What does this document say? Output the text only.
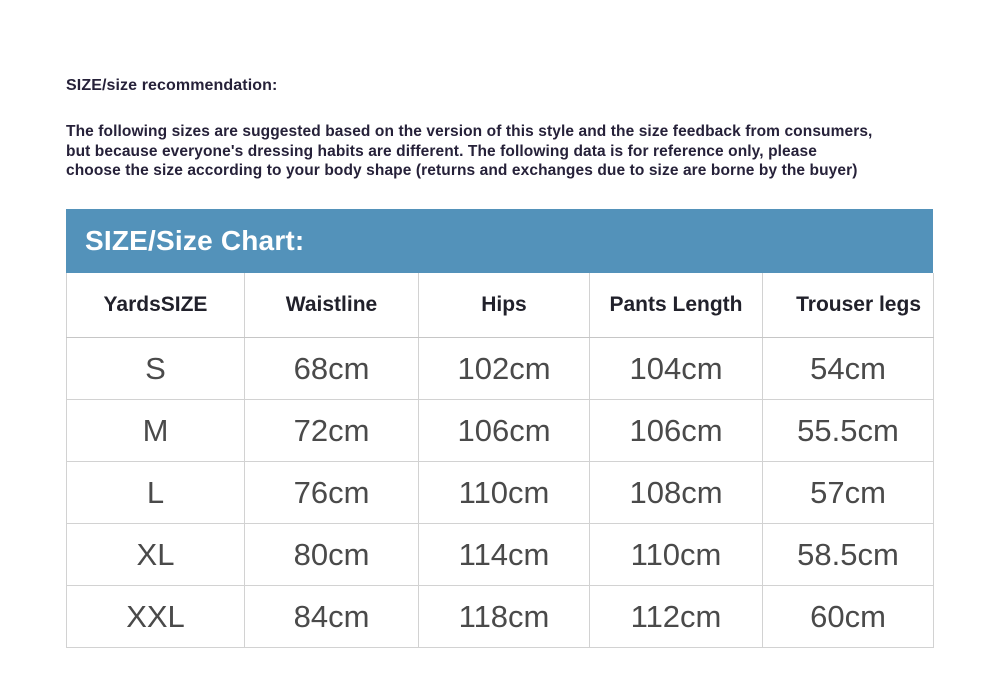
SIZE/size recommendation:

The following sizes are suggested based on the version of this style and the size feedback from consumers,
but because everyone's dressing habits are different. The following data is for reference only, please
choose the size according to your body shape (returns and exchanges due to size are borne by the buyer)

SIZE/Size Chart:
YardsSIZE	Waistline	Hips	Pants Length	Trouser legs
S	68cm	102cm	104cm	54cm
M	72cm	106cm	106cm	55.5cm
L	76cm	110cm	108cm	57cm
XL	80cm	114cm	110cm	58.5cm
XXL	84cm	118cm	112cm	60cm
